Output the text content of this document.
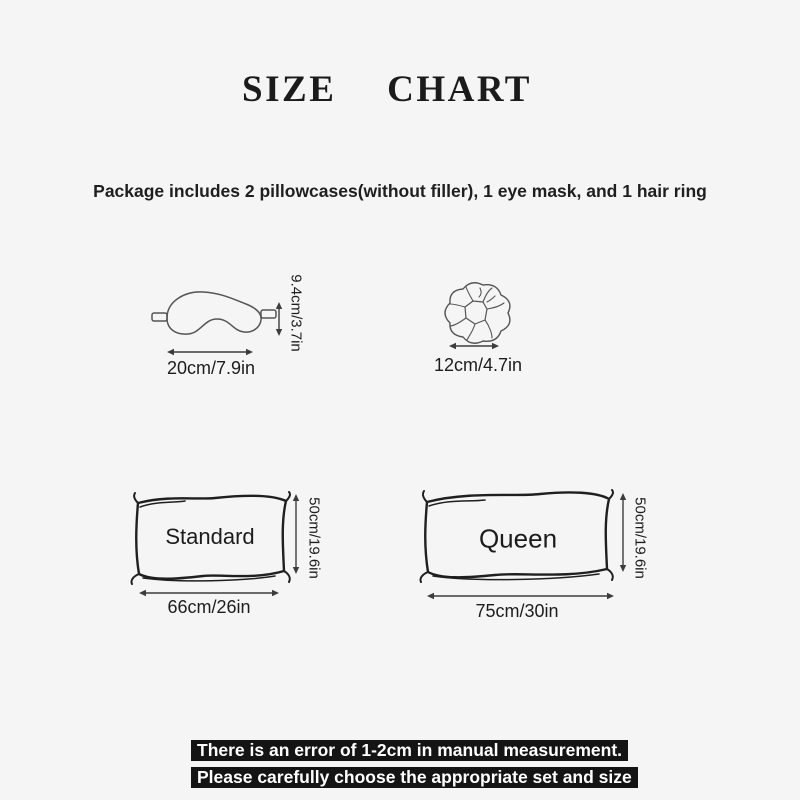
SIZE CHART
Package includes 2 pillowcases(without filler), 1 eye mask, and 1 hair ring
9.4cm/3.7in
20cm/7.9in	12cm/4.7in
Standard	50cm/19.6in
66cm/26in
Queen	50cm/19.6in
75cm/30in
There is an error of 1-2cm in manual measurement.
Please carefully choose the appropriate set and size
